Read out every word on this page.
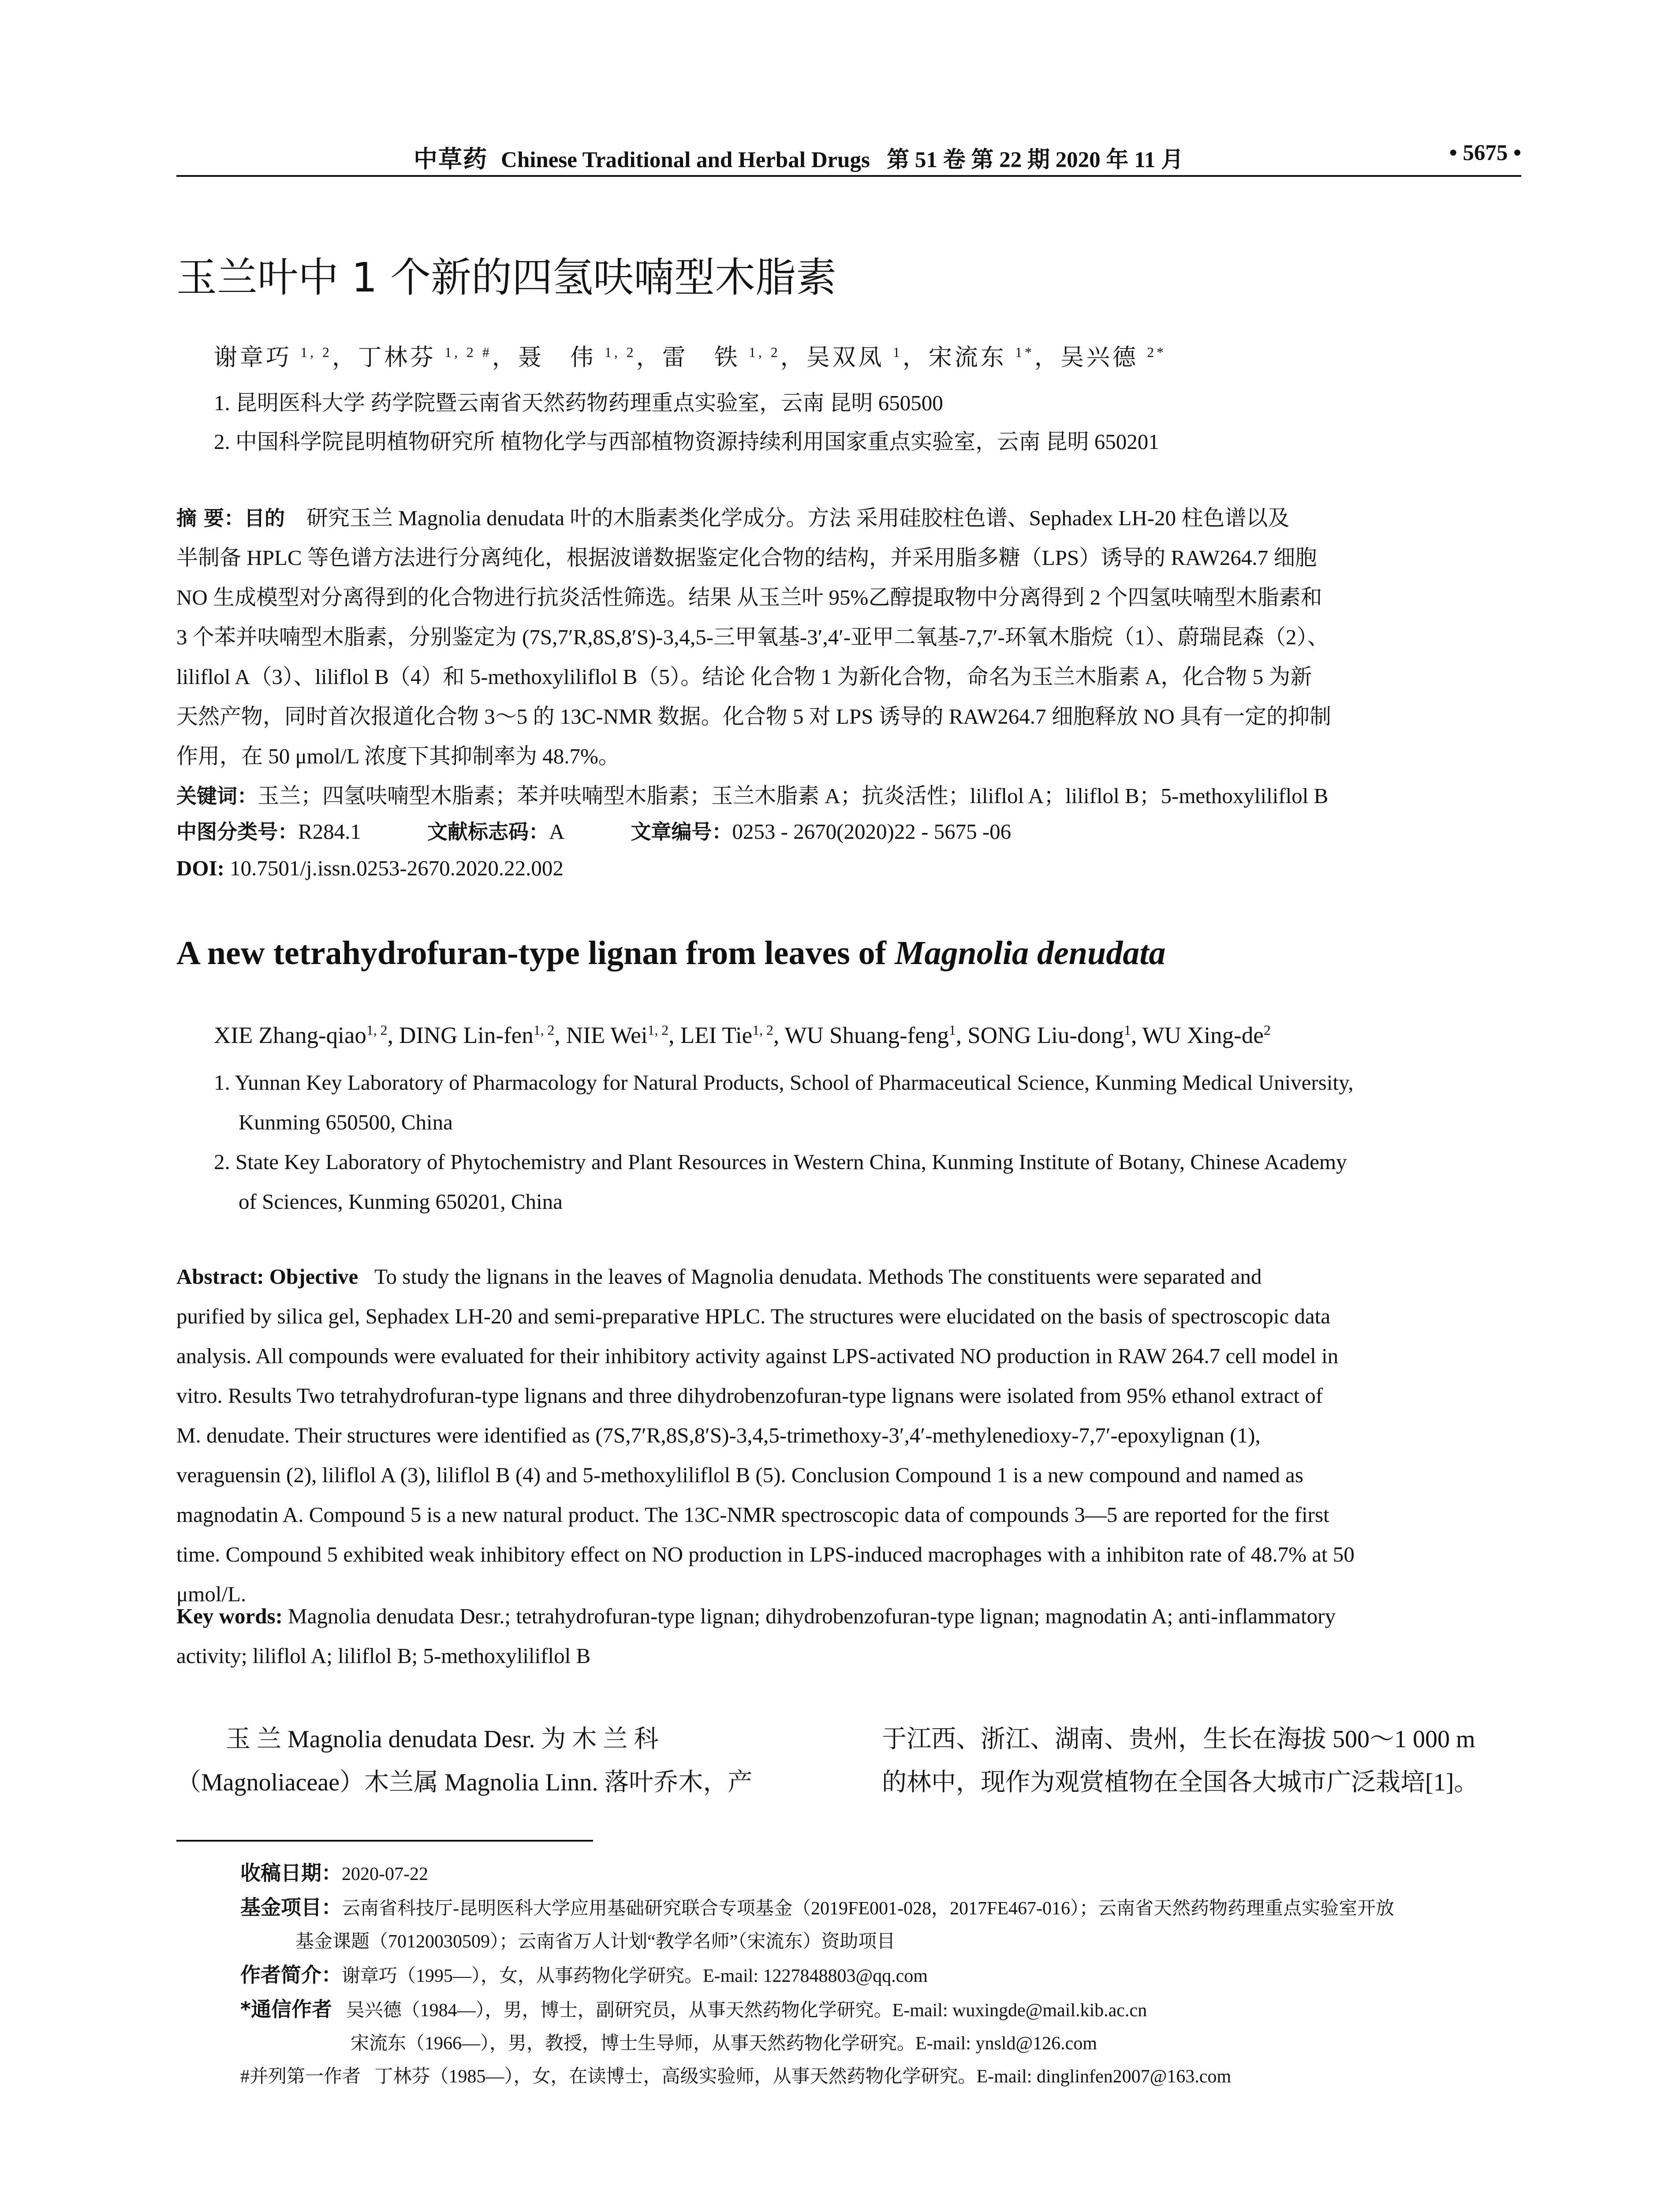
中草药 Chinese Traditional and Herbal Drugs 第 51 卷 第 22 期 2020 年 11 月	• 5675 •
玉兰叶中 1 个新的四氢呋喃型木脂素
谢章巧 $^{1, 2}$，丁林芬 $^{1, 2 \#}$，聂　伟 $^{1, 2}$，雷　铁 $^{1, 2}$，吴双凤 $^1$，宋流东 $^{1*}$，吴兴德 $^{2*}$
1. 昆明医科大学 药学院暨云南省天然药物药理重点实验室，云南 昆明 650500
2. 中国科学院昆明植物研究所 植物化学与西部植物资源持续利用国家重点实验室，云南 昆明 650201
摘 要：目的 研究玉兰 Magnolia denudata 叶的木脂素类化学成分。方法 采用硅胶柱色谱、Sephadex LH-20 柱色谱以及
半制备 HPLC 等色谱方法进行分离纯化，根据波谱数据鉴定化合物的结构，并采用脂多糖（LPS）诱导的 RAW264.7 细胞
NO 生成模型对分离得到的化合物进行抗炎活性筛选。结果 从玉兰叶 95%乙醇提取物中分离得到 2 个四氢呋喃型木脂素和
3 个苯并呋喃型木脂素，分别鉴定为 (7S,7′R,8S,8′S)-3,4,5-三甲氧基-3′,4′-亚甲二氧基-7,7′-环氧木脂烷（1）、蔚瑞昆森（2）、
liliflol A（3）、liliflol B（4）和 5-methoxyliliflol B（5）。结论 化合物 1 为新化合物，命名为玉兰木脂素 A，化合物 5 为新
天然产物，同时首次报道化合物 3～5 的 13C-NMR 数据。化合物 5 对 LPS 诱导的 RAW264.7 细胞释放 NO 具有一定的抑制
作用，在 50 μmol/L 浓度下其抑制率为 48.7%。
关键词：玉兰；四氢呋喃型木脂素；苯并呋喃型木脂素；玉兰木脂素 A；抗炎活性；liliflol A；liliflol B；5-methoxyliliflol B
中图分类号：R284.1	文献标志码：A	文章编号：0253 - 2670(2020)22 - 5675 -06
DOI: 10.7501/j.issn.0253-2670.2020.22.002
A new tetrahydrofuran-type lignan from leaves of Magnolia denudata
XIE Zhang-qiao$^{1, 2}$, DING Lin-fen$^{1, 2}$, NIE Wei$^{1, 2}$, LEI Tie$^{1, 2}$, WU Shuang-feng$^1$, SONG Liu-dong$^1$, WU Xing-$de^2$
1. Yunnan Key Laboratory of Pharmacology for Natural Products, School of Pharmaceutical Science, Kunming Medical University,
Kunming 650500, China
2. State Key Laboratory of Phytochemistry and Plant Resources in Western China, Kunming Institute of Botany, Chinese Academy
of Sciences, Kunming 650201, China
Abstract: Objective To study the lignans in the leaves of Magnolia denudata. Methods The constituents were separated and
purified by silica gel, Sephadex LH-20 and semi-preparative HPLC. The structures were elucidated on the basis of spectroscopic data
analysis. All compounds were evaluated for their inhibitory activity against LPS-activated NO production in RAW 264.7 cell model in
vitro. Results Two tetrahydrofuran-type lignans and three dihydrobenzofuran-type lignans were isolated from 95% ethanol extract of
M. denudate. Their structures were identified as (7S,7′R,8S,8′S)-3,4,5-trimethoxy-3′,4′-methylenedioxy-7,7′-epoxylignan (1),
veraguensin (2), liliflol A (3), liliflol B (4) and 5-methoxyliliflol B (5). Conclusion Compound 1 is a new compound and named as
magnodatin A. Compound 5 is a new natural product. The 13C-NMR spectroscopic data of compounds 3—5 are reported for the first
time. Compound 5 exhibited weak inhibitory effect on NO production in LPS-induced macrophages with a inhibiton rate of 48.7% at 50
μmol/L.
Key words: Magnolia denudata Desr.; tetrahydrofuran-type lignan; dihydrobenzofuran-type lignan; magnodatin A; anti-inflammatory
activity; liliflol A; liliflol B; 5-methoxyliliflol B
玉 兰 Magnolia denudata Desr. 为 木 兰 科
（Magnoliaceae）木兰属 Magnolia Linn. 落叶乔木，产
于江西、浙江、湖南、贵州，生长在海拔 500～1 000 m
的林中，现作为观赏植物在全国各大城市广泛栽培[1]。
收稿日期：2020-07-22
基金项目：云南省科技厅-昆明医科大学应用基础研究联合专项基金（2019FE001-028，2017FE467-016）；云南省天然药物药理重点实验室开放
基金课题（70120030509）；云南省万人计划“教学名师”（宋流东）资助项目
作者简介：谢章巧（1995—），女，从事药物化学研究。E-mail: 1227848803@qq.com
*通信作者 吴兴德（1984—），男，博士，副研究员，从事天然药物化学研究。E-mail: wuxingde@mail.kib.ac.cn
宋流东（1966—），男，教授，博士生导师，从事天然药物化学研究。E-mail: ynsld@126.com
#并列第一作者 丁林芬（1985—），女，在读博士，高级实验师，从事天然药物化学研究。E-mail: dinglinfen2007@163.com
